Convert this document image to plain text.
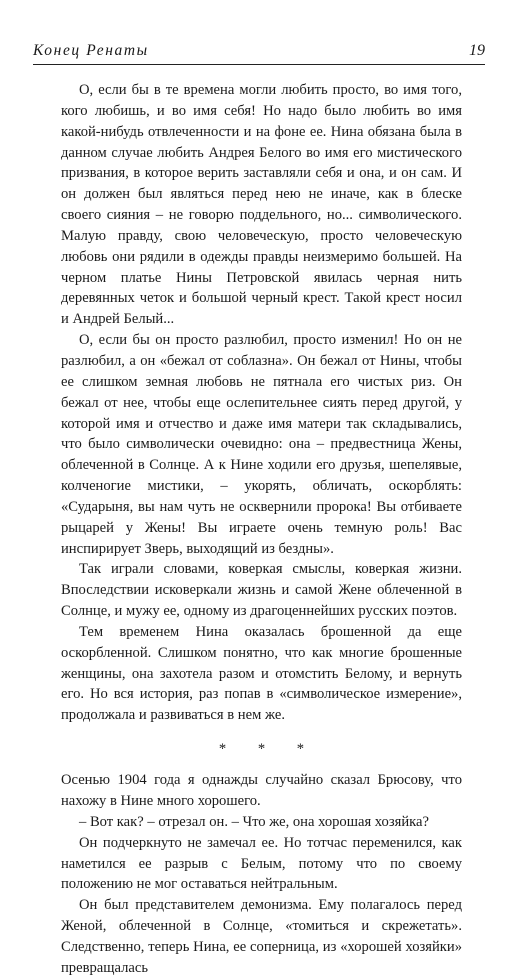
Конец Ренаты	19

О, если бы в те времена могли любить просто, во имя того, кого любишь, и во имя себя! Но надо было любить во имя какой-нибудь отвлеченности и на фоне ее. Нина обязана была в данном случае любить Андрея Белого во имя его мистического призвания, в которое верить заставляли себя и она, и он сам. И он должен был являться перед нею не иначе, как в блеске своего сияния – не говорю поддельного, но... символического. Малую правду, свою человеческую, просто человеческую любовь они рядили в одежды правды неизмеримо большей. На черном платье Нины Петровской явилась черная нить деревянных четок и большой черный крест. Такой крест носил и Андрей Белый...

О, если бы он просто разлюбил, просто изменил! Но он не разлюбил, а он «бежал от соблазна». Он бежал от Нины, чтобы ее слишком земная любовь не пятнала его чистых риз. Он бежал от нее, чтобы еще ослепительнее сиять перед другой, у которой имя и отчество и даже имя матери так складывались, что было символически очевидно: она – предвестница Жены, облеченной в Солнце. А к Нине ходили его друзья, шепелявые, колченогие мистики, – укорять, обличать, оскорблять: «Сударыня, вы нам чуть не осквернили пророка! Вы отбиваете рыцарей у Жены! Вы играете очень темную роль! Вас инспирирует Зверь, выходящий из бездны».

Так играли словами, коверкая смыслы, коверкая жизни. Впоследствии исковеркали жизнь и самой Жене облеченной в Солнце, и мужу ее, одному из драгоценнейших русских поэтов.

Тем временем Нина оказалась брошенной да еще оскорбленной. Слишком понятно, что как многие брошенные женщины, она захотела разом и отомстить Белому, и вернуть его. Но вся история, раз попав в «символическое измерение», продолжала и развиваться в нем же.

* * *

Осенью 1904 года я однажды случайно сказал Брюсову, что нахожу в Нине много хорошего.

– Вот как? – отрезал он. – Что же, она хорошая хозяйка?

Он подчеркнуто не замечал ее. Но тотчас переменился, как наметился ее разрыв с Белым, потому что по своему положению не мог оставаться нейтральным.

Он был представителем демонизма. Ему полагалось перед Женой, облеченной в Солнце, «томиться и скрежетать». Следственно, теперь Нина, ее соперница, из «хорошей хозяйки» превращалась
